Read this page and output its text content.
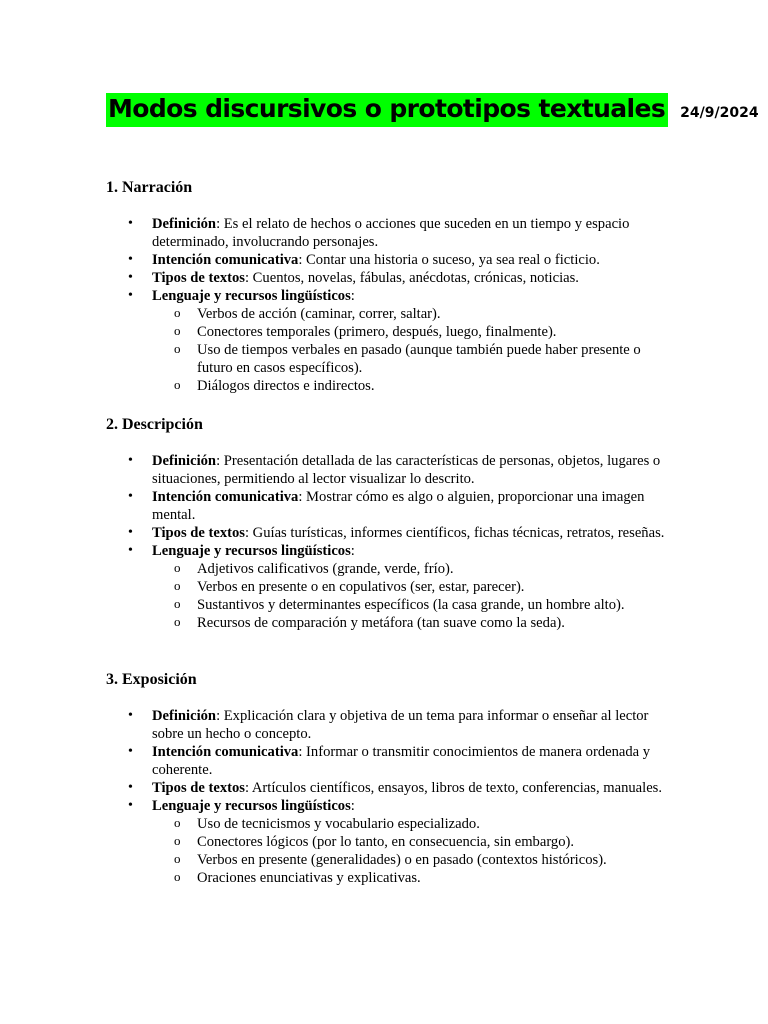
Modos discursivos o prototipos textuales 24/9/2024
1. Narración
• Definición: Es el relato de hechos o acciones que suceden en un tiempo y espacio determinado, involucrando personajes.
• Intención comunicativa: Contar una historia o suceso, ya sea real o ficticio.
• Tipos de textos: Cuentos, novelas, fábulas, anécdotas, crónicas, noticias.
• Lenguaje y recursos lingüísticos:
o Verbos de acción (caminar, correr, saltar).
o Conectores temporales (primero, después, luego, finalmente).
o Uso de tiempos verbales en pasado (aunque también puede haber presente o futuro en casos específicos).
o Diálogos directos e indirectos.
2. Descripción
• Definición: Presentación detallada de las características de personas, objetos, lugares o situaciones, permitiendo al lector visualizar lo descrito.
• Intención comunicativa: Mostrar cómo es algo o alguien, proporcionar una imagen mental.
• Tipos de textos: Guías turísticas, informes científicos, fichas técnicas, retratos, reseñas.
• Lenguaje y recursos lingüísticos:
o Adjetivos calificativos (grande, verde, frío).
o Verbos en presente o en copulativos (ser, estar, parecer).
o Sustantivos y determinantes específicos (la casa grande, un hombre alto).
o Recursos de comparación y metáfora (tan suave como la seda).
3. Exposición
• Definición: Explicación clara y objetiva de un tema para informar o enseñar al lector sobre un hecho o concepto.
• Intención comunicativa: Informar o transmitir conocimientos de manera ordenada y coherente.
• Tipos de textos: Artículos científicos, ensayos, libros de texto, conferencias, manuales.
• Lenguaje y recursos lingüísticos:
o Uso de tecnicismos y vocabulario especializado.
o Conectores lógicos (por lo tanto, en consecuencia, sin embargo).
o Verbos en presente (generalidades) o en pasado (contextos históricos).
o Oraciones enunciativas y explicativas.
